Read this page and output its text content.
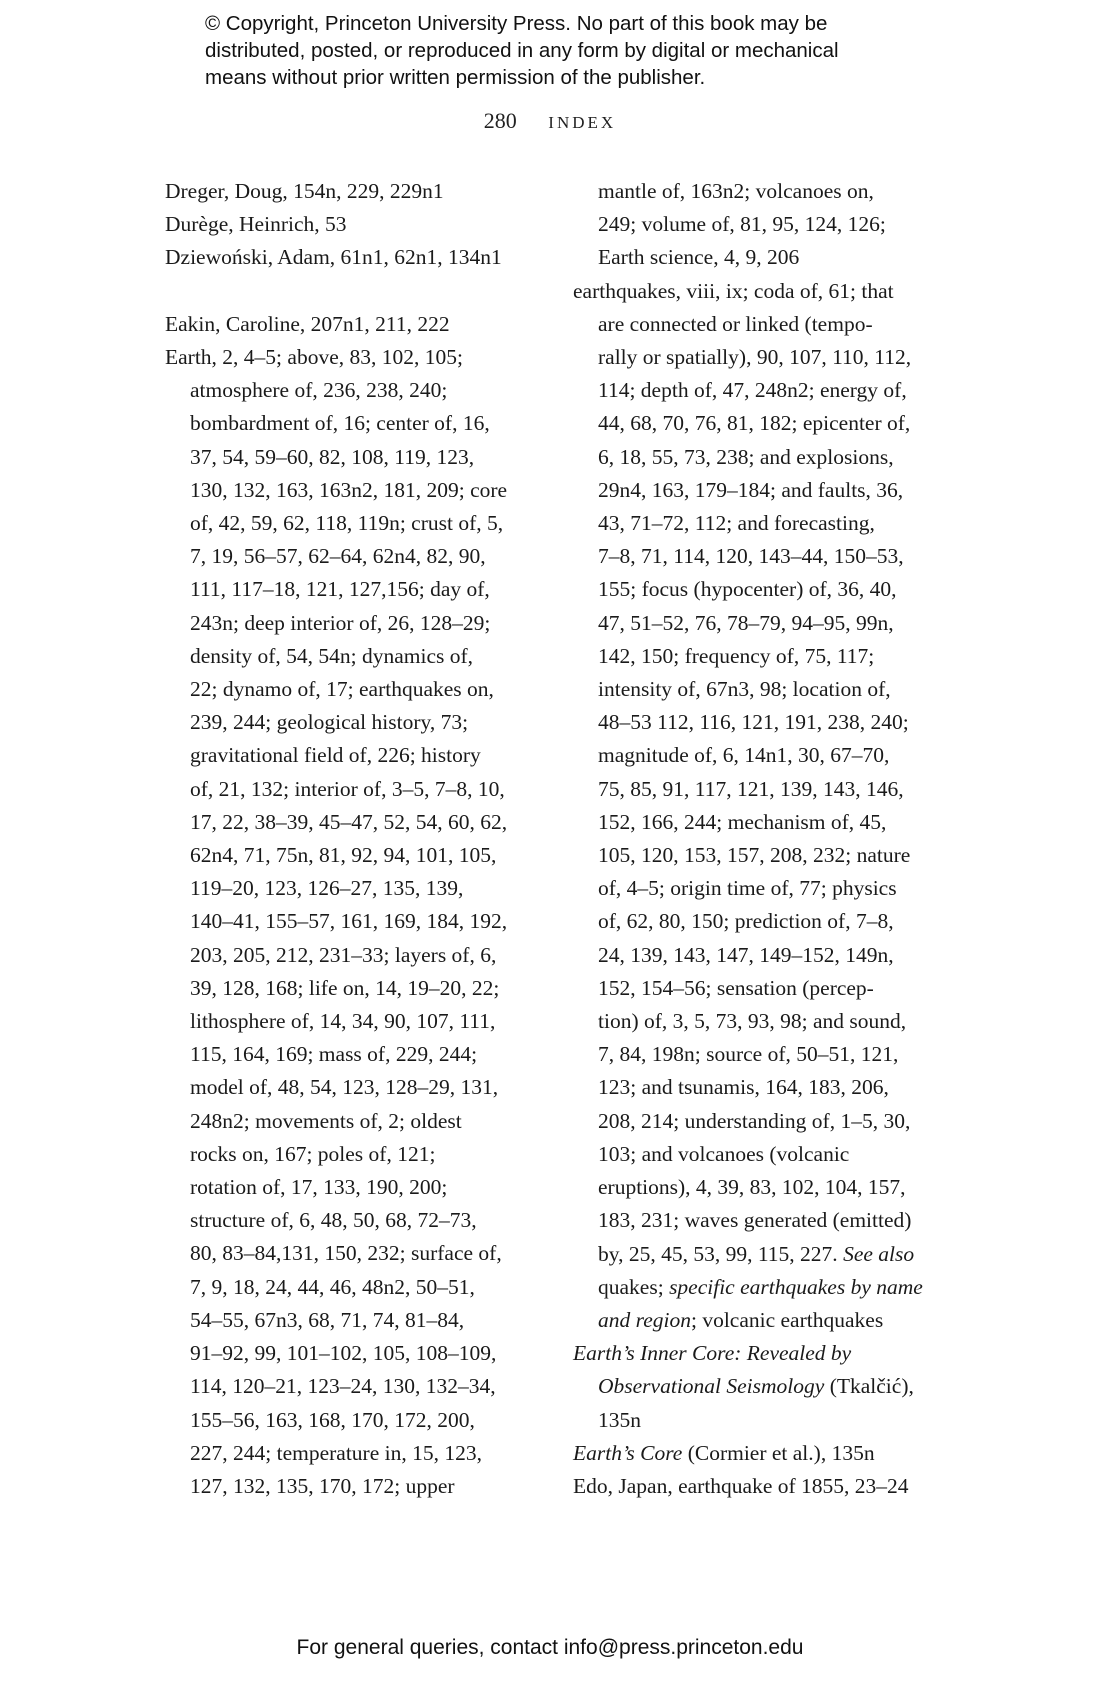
© Copyright, Princeton University Press. No part of this book may be
distributed, posted, or reproduced in any form by digital or mechanical
means without prior written permission of the publisher.
280 INDEX
Dreger, Doug, 154n, 229, 229n1
Durège, Heinrich, 53
Dziewoński, Adam, 61n1, 62n1, 134n1
Eakin, Caroline, 207n1, 211, 222
Earth, 2, 4–5; above, 83, 102, 105;
atmosphere of, 236, 238, 240;
bombardment of, 16; center of, 16,
37, 54, 59–60, 82, 108, 119, 123,
130, 132, 163, 163n2, 181, 209; core
of, 42, 59, 62, 118, 119n; crust of, 5,
7, 19, 56–57, 62–64, 62n4, 82, 90,
111, 117–18, 121, 127,156; day of,
243n; deep interior of, 26, 128–29;
density of, 54, 54n; dynamics of,
22; dynamo of, 17; earthquakes on,
239, 244; geological history, 73;
gravitational field of, 226; history
of, 21, 132; interior of, 3–5, 7–8, 10,
17, 22, 38–39, 45–47, 52, 54, 60, 62,
62n4, 71, 75n, 81, 92, 94, 101, 105,
119–20, 123, 126–27, 135, 139,
140–41, 155–57, 161, 169, 184, 192,
203, 205, 212, 231–33; layers of, 6,
39, 128, 168; life on, 14, 19–20, 22;
lithosphere of, 14, 34, 90, 107, 111,
115, 164, 169; mass of, 229, 244;
model of, 48, 54, 123, 128–29, 131,
248n2; movements of, 2; oldest
rocks on, 167; poles of, 121;
rotation of, 17, 133, 190, 200;
structure of, 6, 48, 50, 68, 72–73,
80, 83–84,131, 150, 232; surface of,
7, 9, 18, 24, 44, 46, 48n2, 50–51,
54–55, 67n3, 68, 71, 74, 81–84,
91–92, 99, 101–102, 105, 108–109,
114, 120–21, 123–24, 130, 132–34,
155–56, 163, 168, 170, 172, 200,
227, 244; temperature in, 15, 123,
127, 132, 135, 170, 172; upper
mantle of, 163n2; volcanoes on,
249; volume of, 81, 95, 124, 126;
Earth science, 4, 9, 206
earthquakes, viii, ix; coda of, 61; that
are connected or linked (tempo-
rally or spatially), 90, 107, 110, 112,
114; depth of, 47, 248n2; energy of,
44, 68, 70, 76, 81, 182; epicenter of,
6, 18, 55, 73, 238; and explosions,
29n4, 163, 179–184; and faults, 36,
43, 71–72, 112; and forecasting,
7–8, 71, 114, 120, 143–44, 150–53,
155; focus (hypocenter) of, 36, 40,
47, 51–52, 76, 78–79, 94–95, 99n,
142, 150; frequency of, 75, 117;
intensity of, 67n3, 98; location of,
48–53 112, 116, 121, 191, 238, 240;
magnitude of, 6, 14n1, 30, 67–70,
75, 85, 91, 117, 121, 139, 143, 146,
152, 166, 244; mechanism of, 45,
105, 120, 153, 157, 208, 232; nature
of, 4–5; origin time of, 77; physics
of, 62, 80, 150; prediction of, 7–8,
24, 139, 143, 147, 149–152, 149n,
152, 154–56; sensation (percep-
tion) of, 3, 5, 73, 93, 98; and sound,
7, 84, 198n; source of, 50–51, 121,
123; and tsunamis, 164, 183, 206,
208, 214; understanding of, 1–5, 30,
103; and volcanoes (volcanic
eruptions), 4, 39, 83, 102, 104, 157,
183, 231; waves generated (emitted)
by, 25, 45, 53, 99, 115, 227. See also
quakes; specific earthquakes by name
and region; volcanic earthquakes
Earth’s Inner Core: Revealed by
Observational Seismology (Tkalčić),
135n
Earth’s Core (Cormier et al.), 135n
Edo, Japan, earthquake of 1855, 23–24
For general queries, contact info@press.princeton.edu
